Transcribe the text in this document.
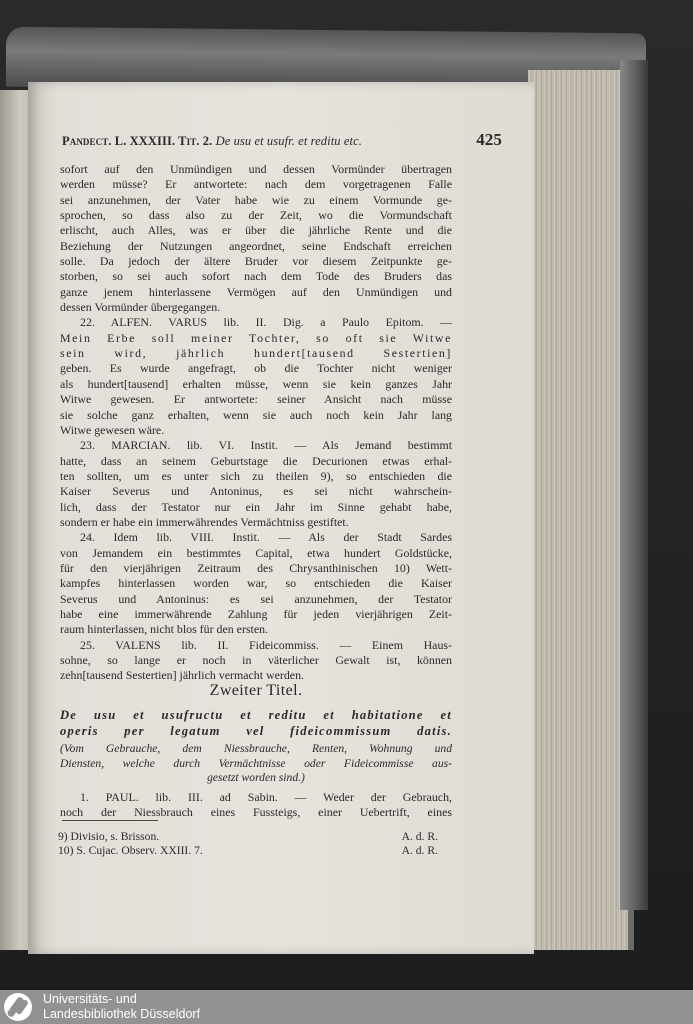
Pandect. L. XXXIII. Tit. 2. De usu et usufr. et reditu etc.	425
sofort auf den Unmündigen und dessen Vormünder übertragen
werden müsse? Er antwortete: nach dem vorgetragenen Falle
sei anzunehmen, der Vater habe wie zu einem Vormunde ge-
sprochen, so dass also zu der Zeit, wo die Vormundschaft
erlischt, auch Alles, was er über die jährliche Rente und die
Beziehung der Nutzungen angeordnet, seine Endschaft erreichen
solle. Da jedoch der ältere Bruder vor diesem Zeitpunkte ge-
storben, so sei auch sofort nach dem Tode des Bruders das
ganze jenem hinterlassene Vermögen auf den Unmündigen und
dessen Vormünder übergegangen.
22. ALFEN. VARUS lib. II. Dig. a Paulo Epitom. —
Mein Erbe soll meiner Tochter, so oft sie Witwe
sein wird, jährlich hundert[tausend Sestertien]
geben. Es wurde angefragt, ob die Tochter nicht weniger
als hundert[tausend] erhalten müsse, wenn sie kein ganzes Jahr
Witwe gewesen. Er antwortete: seiner Ansicht nach müsse
sie solche ganz erhalten, wenn sie auch noch kein Jahr lang
Witwe gewesen wäre.
23. MARCIAN. lib. VI. Instit. — Als Jemand bestimmt
hatte, dass an seinem Geburtstage die Decurionen etwas erhal-
ten sollten, um es unter sich zu theilen 9), so entschieden die
Kaiser Severus und Antoninus, es sei nicht wahrschein-
lich, dass der Testator nur ein Jahr im Sinne gehabt habe,
sondern er habe ein immerwährendes Vermächtniss gestiftet.
24. Idem lib. VIII. Instit. — Als der Stadt Sardes
von Jemandem ein bestimmtes Capital, etwa hundert Goldstücke,
für den vierjährigen Zeitraum des Chrysanthinischen 10) Wett-
kampfes hinterlassen worden war, so entschieden die Kaiser
Severus und Antoninus: es sei anzunehmen, der Testator
habe eine immerwährende Zahlung für jeden vierjährigen Zeit-
raum hinterlassen, nicht blos für den ersten.
25. VALENS lib. II. Fideicommiss. — Einem Haus-
sohne, so lange er noch in väterlicher Gewalt ist, können
zehn[tausend Sestertien] jährlich vermacht werden.
Zweiter Titel.
De usu et usufructu et reditu et habitatione et
operis per legatum vel fideicommissum datis.
(Vom Gebrauche, dem Niessbrauche, Renten, Wohnung und
Diensten, welche durch Vermächtnisse oder Fideicommisse aus-
gesetzt worden sind.)
1. PAUL. lib. III. ad Sabin. — Weder der Gebrauch,
noch der Niessbrauch eines Fussteigs, einer Uebertrift, eines
9) Divisio, s. Brisson.	A. d. R.
10) S. Cujac. Observ. XXIII. 7.	A. d. R.
Universitäts- und
Landesbibliothek Düsseldorf
